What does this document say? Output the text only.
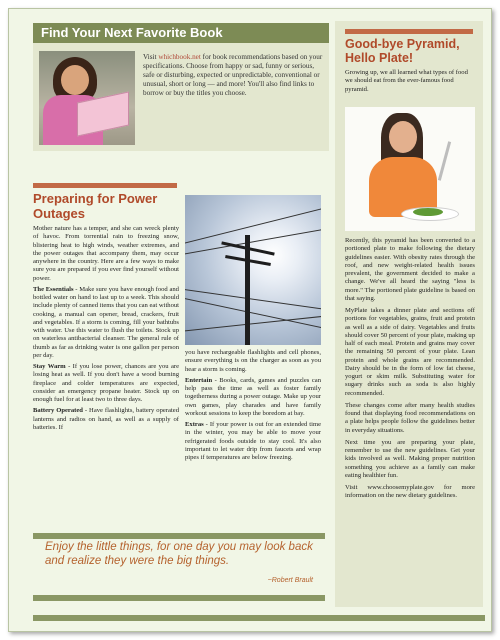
Find Your Next Favorite Book
Visit whichbook.net for book recommendations based on your specifications. Choose from happy or sad, funny or serious, safe or disturbing, expected or unpredictable, conventional or unusual, short or long — and more! You'll also find links to borrow or buy the titles you choose.
Good-bye Pyramid, Hello Plate!
Growing up, we all learned what types of food we should eat from the ever-famous food pyramid.

Recently, this pyramid has been converted to a portioned plate to make following the dietary guidelines easier. With obesity rates through the roof, and new weight-related health issues prevalent, the government decided to make a change. We've all heard the saying "less is more." The portioned plate guideline is based on that saying.

MyPlate takes a dinner plate and sections off portions for vegetables, grains, fruit and protein as well as a side of dairy. Vegetables and fruits should cover 50 percent of your plate, making up half of each meal. Protein and grains may cover the remaining 50 percent of your plate. Lean protein and whole grains are recommended. Dairy should be in the form of low fat cheese, yogurt or skim milk. Substituting water for sugary drinks such as soda is also highly recommended.

These changes come after many health studies found that displaying food recommendations on a plate helps people follow the guidelines better in everyday situations.

Next time you are preparing your plate, remember to use the new guidelines. Get your kids involved as well. Making proper nutrition something you achieve as a family can make eating healthier fun.

Visit www.choosemyplate.gov for more information on the new dietary guidelines.

Preparing for Power Outages

Mother nature has a temper, and she can wreck plenty of havoc. From torrential rain to freezing snow, blistering heat to high winds, weather extremes, and the power outages that accompany them, may occur anywhere in the country. Here are a few ways to make sure you are prepared if you ever find yourself without power.

The Essentials - Make sure you have enough food and bottled water on hand to last up to a week. This should include plenty of canned items that you can eat without cooking, a manual can opener, bread, crackers, fruit and vegetables. If a storm is coming, fill your bathtubs with water. Use this water to flush the toilets. Stock up on waterless antibacterial cleanser. The general rule of thumb as far as drinking water is one gallon per person per day.

Stay Warm - If you lose power, chances are you are losing heat as well. If you don't have a wood burning fireplace and colder temperatures are expected, consider an emergency propane heater. Stock up on enough fuel for at least two to three days.

Battery Operated - Have flashlights, battery operated lanterns and radios on hand, as well as a supply of batteries. If

you have rechargeable flashlights and cell phones, ensure everything is on the charger as soon as you hear a storm is coming.

Entertain - Books, cards, games and puzzles can help pass the time as well as foster family togetherness during a power outage. Make up your own games, play charades and have family workout sessions to keep the boredom at bay.

Extras - If your power is out for an extended time in the winter, you may be able to move your refrigerated foods outside to stay cool. It's also important to let water drip from faucets and wrap pipes if temperatures are below freezing.

Enjoy the little things, for one day you may look back and realize they were the big things.
~Robert Brault
